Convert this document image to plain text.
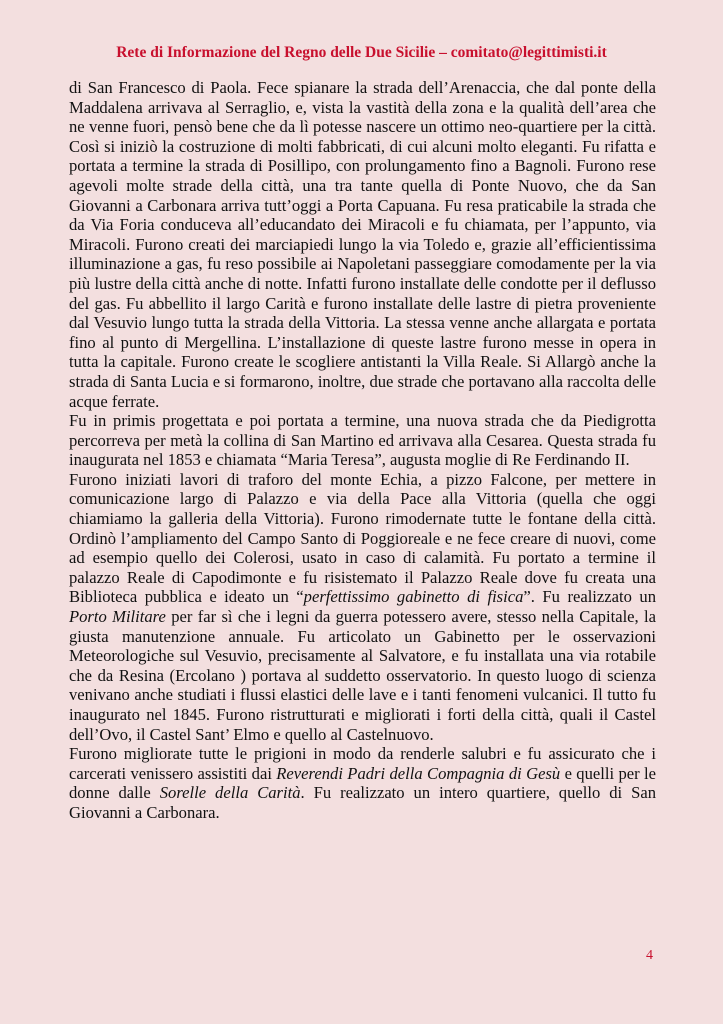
Rete di Informazione del Regno delle Due Sicilie – comitato@legittimisti.it

di San Francesco di Paola. Fece spianare la strada dell’Arenaccia, che dal ponte della Maddalena arrivava al Serraglio, e, vista la vastità della zona e la qualità dell’area che ne venne fuori, pensò bene che da lì potesse nascere un ottimo neo-quartiere per la città. Così si iniziò la costruzione di molti fabbricati, di cui alcuni molto eleganti. Fu rifatta e portata a termine la strada di Posillipo, con prolungamento fino a Bagnoli. Furono rese agevoli molte strade della città, una tra tante quella di Ponte Nuovo, che da San Giovanni a Carbonara arriva tutt’oggi a Porta Capuana. Fu resa praticabile la strada che da Via Foria conduceva all’educandato dei Miracoli e fu chiamata, per l’appunto, via Miracoli. Furono creati dei marciapiedi lungo la via Toledo e, grazie all’efficientissima illuminazione a gas, fu reso possibile ai Napoletani passeggiare comodamente per la via più lustre della città anche di notte. Infatti furono installate delle condotte per il deflusso del gas. Fu abbellito il largo Carità e furono installate delle lastre di pietra proveniente dal Vesuvio lungo tutta la strada della Vittoria. La stessa venne anche allargata e portata fino al punto di Mergellina. L’installazione di queste lastre furono messe in opera in tutta la capitale. Furono create le scogliere antistanti la Villa Reale. Si Allargò anche la strada di Santa Lucia e si formarono, inoltre, due strade che portavano alla raccolta delle acque ferrate.

Fu in primis progettata e poi portata a termine, una nuova strada che da Piedigrotta percorreva per metà la collina di San Martino ed arrivava alla Cesarea. Questa strada fu inaugurata nel 1853 e chiamata “Maria Teresa”, augusta moglie di Re Ferdinando II.

Furono iniziati lavori di traforo del monte Echia, a pizzo Falcone, per mettere in comunicazione largo di Palazzo e via della Pace alla Vittoria (quella che oggi chiamiamo la galleria della Vittoria). Furono rimodernate tutte le fontane della città. Ordinò l’ampliamento del Campo Santo di Poggioreale e ne fece creare di nuovi, come ad esempio quello dei Colerosi, usato in caso di calamità. Fu portato a termine il palazzo Reale di Capodimonte e fu risistemato il Palazzo Reale dove fu creata una Biblioteca pubblica e ideato un “perfettissimo gabinetto di fisica”. Fu realizzato un Porto Militare per far sì che i legni da guerra potessero avere, stesso nella Capitale, la giusta manutenzione annuale. Fu articolato un Gabinetto per le osservazioni Meteorologiche sul Vesuvio, precisamente al Salvatore, e fu installata una via rotabile che da Resina (Ercolano ) portava al suddetto osservatorio. In questo luogo di scienza venivano anche studiati i flussi elastici delle lave e i tanti fenomeni vulcanici. Il tutto fu inaugurato nel 1845. Furono ristrutturati e migliorati i forti della città, quali il Castel dell’Ovo, il Castel Sant’ Elmo e quello al Castelnuovo.

Furono migliorate tutte le prigioni in modo da renderle salubri e fu assicurato che i carcerati venissero assistiti dai Reverendi Padri della Compagnia di Gesù e quelli per le donne dalle Sorelle della Carità. Fu realizzato un intero quartiere, quello di San Giovanni a Carbonara.

4
